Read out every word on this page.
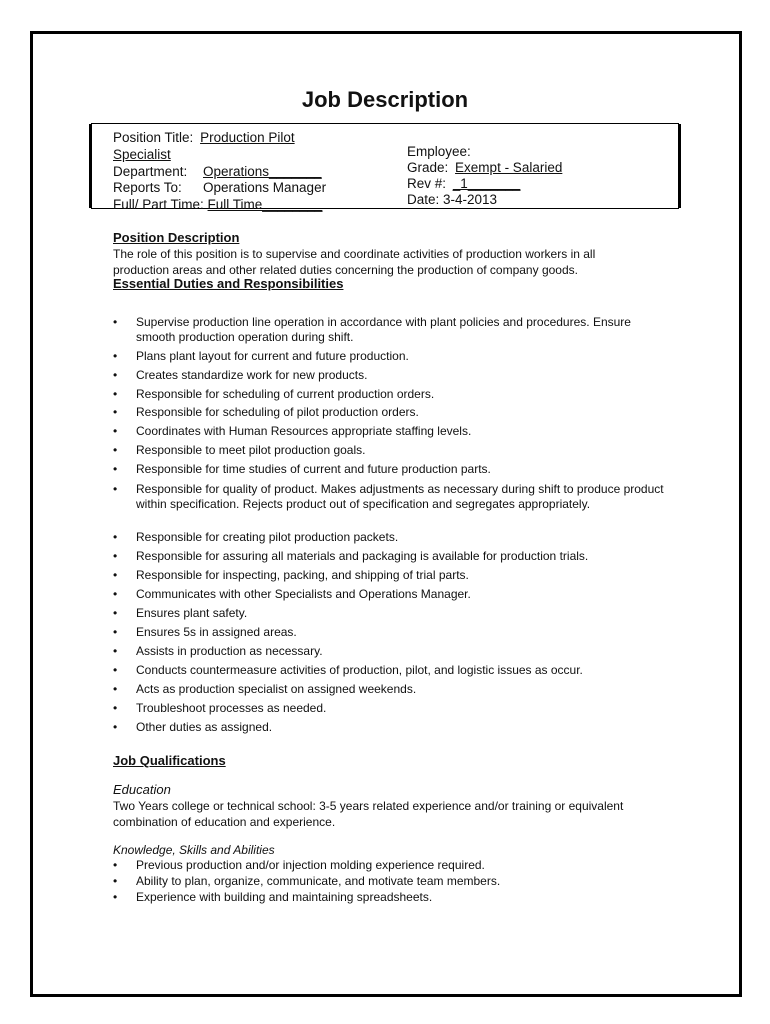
Job Description
Position Title: Production Pilot
Specialist
Department: Operations_______
Reports To: Operations Manager
Full/ Part Time: Full Time________
Employee:
Grade: Exempt - Salaried
Rev #: _1_______
Date: 3-4-2013
Position Description
The role of this position is to supervise and coordinate activities of production workers in all
production areas and other related duties concerning the production of company goods.
Essential Duties and Responsibilities
• Supervise production line operation in accordance with plant policies and procedures. Ensure smooth production operation during shift.
• Plans plant layout for current and future production.
• Creates standardize work for new products.
• Responsible for scheduling of current production orders.
• Responsible for scheduling of pilot production orders.
• Coordinates with Human Resources appropriate staffing levels.
• Responsible to meet pilot production goals.
• Responsible for time studies of current and future production parts.
• Responsible for quality of product. Makes adjustments as necessary during shift to produce product within specification. Rejects product out of specification and segregates appropriately.
• Responsible for creating pilot production packets.
• Responsible for assuring all materials and packaging is available for production trials.
• Responsible for inspecting, packing, and shipping of trial parts.
• Communicates with other Specialists and Operations Manager.
• Ensures plant safety.
• Ensures 5s in assigned areas.
• Assists in production as necessary.
• Conducts countermeasure activities of production, pilot, and logistic issues as occur.
• Acts as production specialist on assigned weekends.
• Troubleshoot processes as needed.
• Other duties as assigned.
Job Qualifications
Education
Two Years college or technical school: 3-5 years related experience and/or training or equivalent
combination of education and experience.
Knowledge, Skills and Abilities
• Previous production and/or injection molding experience required.
• Ability to plan, organize, communicate, and motivate team members.
• Experience with building and maintaining spreadsheets.
